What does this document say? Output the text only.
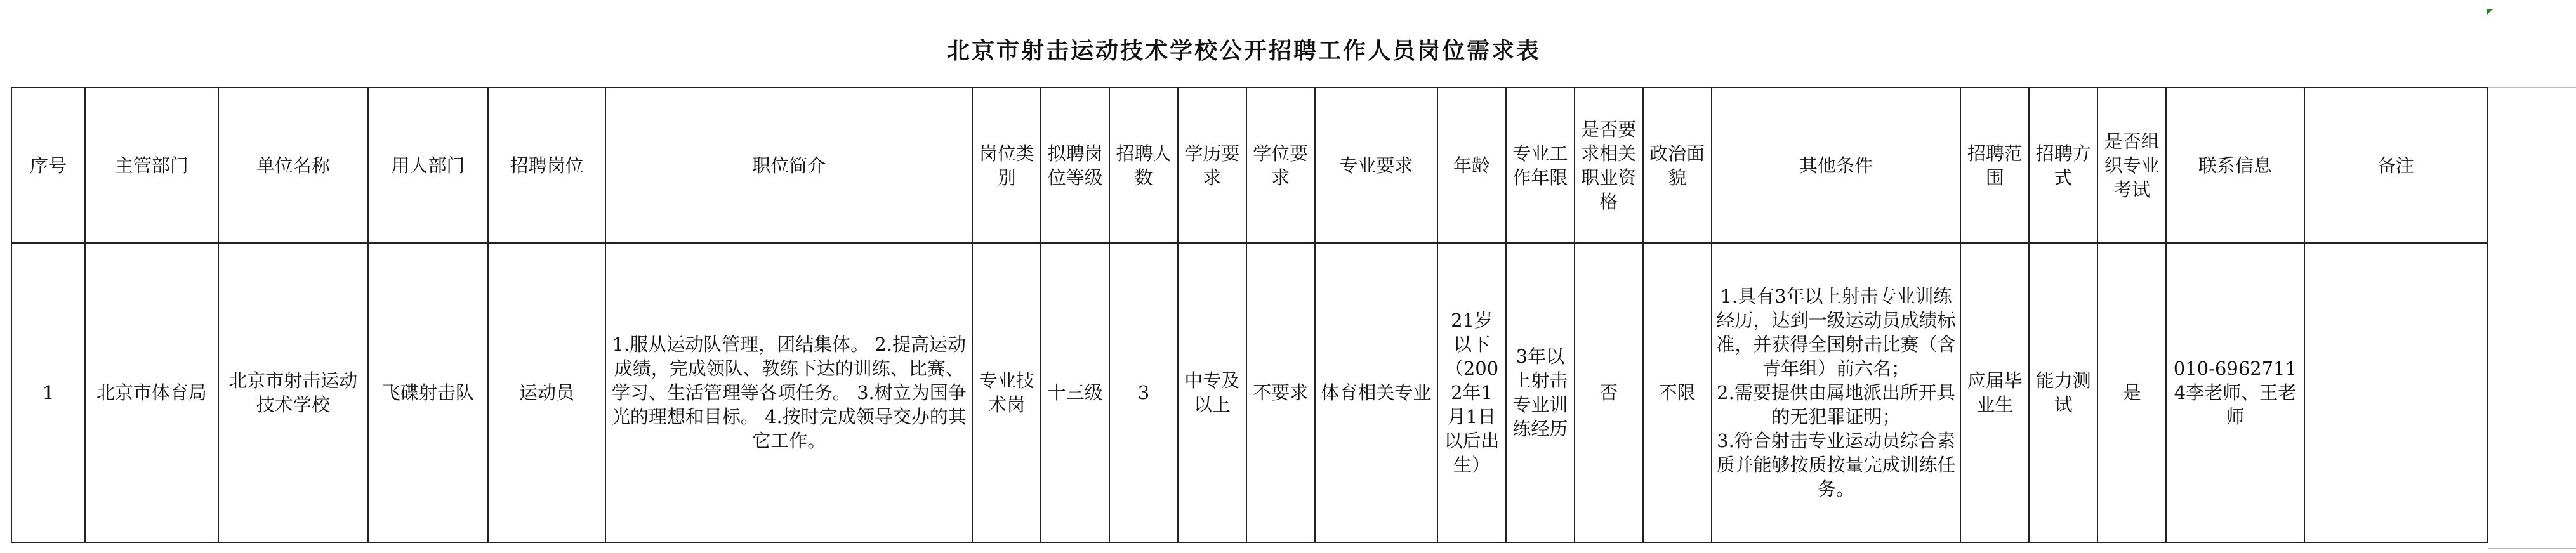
北京市射击运动技术学校公开招聘工作人员岗位需求表
序号	主管部门	单位名称	用人部门	招聘岗位	职位简介	岗位类别	拟聘岗位等级	招聘人数	学历要求	学位要求	专业要求	年龄	专业工作年限	是否要求相关职业资格	政治面貌	其他条件	招聘范围	招聘方式	是否组织专业考试	联系信息	备注
1	北京市体育局	北京市射击运动技术学校	飞碟射击队	运动员	1.服从运动队管理，团结集体。 2.提高运动成绩，完成领队、教练下达的训练、比赛、学习、生活管理等各项任务。 3.树立为国争光的理想和目标。 4.按时完成领导交办的其它工作。	专业技术岗	十三级	3	中专及以上	不要求	体育相关专业	21岁以下（2002年1月1日以后出生）	3年以上射击专业训练经历	否	不限	1.具有3年以上射击专业训练经历，达到一级运动员成绩标准，并获得全国射击比赛（含青年组）前六名；
2.需要提供由属地派出所开具的无犯罪证明；
3.符合射击专业运动员综合素质并能够按质按量完成训练任务。	应届毕业生	能力测试	是	010-69627114李老师、王老师	
